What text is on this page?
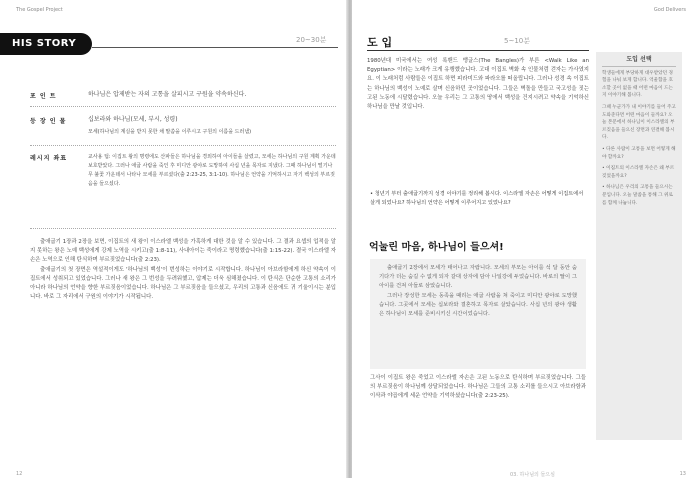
The Gospel Project
HIS STORY	20~30분
포 인 트	하나님은 압제받는 자의 고통을 살피시고 구원을 약속하신다.
등 장 인 물	십보라와 하나님(모세, 부시, 성령)
모세(하나님의 계실을 받지 못한 채 말씀을 이루시고 구원의 이름을 드러냄)
레시지 좌표	교사용 팁: 이집트 왕의 명령에도 산파들은 하나님을 경외하여 아이들을 살렸고, 모세는 하나님의 구원 계획 가운데 보호받았다. 그러나 애굽 사람을 죽인 후 미디안 광야로 도망하여 사십 년을 목자로 지냈다. 그때 하나님이 떨기나무 불꽃 가운데서 나타나 모세를 부르셨다(출 2:23-25, 3:1-10). 하나님은 언약을 기억하시고 자기 백성의 부르짖음을 들으셨다.

출애굽기 1장과 2장을 보면, 이집트의 새 왕이 이스라엘 백성을 가혹하게 대한 것을 알 수 있습니다. 그 결과 요셉의 업적을 알지 못하는 왕은 노예 백성에게 강제 노역을 시키고(출 1:8-11), 사내아이는 죽이라고 명령했습니다(출 1:15-22). 결국 이스라엘 자손은 노역으로 인해 탄식하며 부르짖었습니다(출 2:23).

출애굽기의 첫 장면은 역설적이게도 '하나님의 백성'이 번성하는 이야기로 시작합니다. 하나님이 아브라함에게 하신 약속이 이집트에서 성취되고 있었습니다. 그러나 새 왕은 그 번성을 두려워했고, 압제는 더욱 심해졌습니다. 이 탄식은 단순한 고통의 소리가 아니라 하나님의 언약을 향한 부르짖음이었습니다. 하나님은 그 부르짖음을 들으셨고, 우리의 고통과 신음에도 귀 기울이시는 분입니다. 바로 그 자리에서 구원의 이야기가 시작됩니다.

12
God Delivers
도 입	5~10분

1980년대 미국에서는 여성 록밴드 뱅글스(The Bangles)가 부른 <Walk Like an Egyptian> 이라는 노래가 크게 유행했습니다. 고대 이집트 벽화 속 인물처럼 걷자는 가사였지요. 이 노래처럼 사람들은 이집트 하면 피라미드와 파라오를 떠올립니다. 그러나 성경 속 이집트는 하나님의 백성이 노예로 살며 신음하던 곳이었습니다. 그들은 벽돌을 만들고 국고성을 짓는 고된 노동에 시달렸습니다. 오늘 우리는 그 고통의 땅에서 백성을 건지시려고 약속을 기억하신 하나님을 만날 것입니다.

• 청년기 부터 출애굽기까지 성경 이야기를 정리해 봅시다. 이스라엘 자손은 어떻게 이집트에서 살게 되었나요? 하나님의 언약은 어떻게 이루어지고 있었나요?
억눌린 마음, 하나님이 들으셔!

출애굽기 2장에서 모세가 태어나고 자랍니다. 모세의 부모는 아이를 석 달 동안 숨기다가 더는 숨길 수 없게 되자 갈대 상자에 담아 나일강에 두었습니다. 바로의 딸이 그 아이를 건져 아들로 삼았습니다.

그러나 장성한 모세는 동족을 때리는 애굽 사람을 쳐 죽이고 미디안 광야로 도망했습니다. 그곳에서 모세는 십보라와 결혼하고 목자로 살았습니다. 사십 년의 광야 생활은 하나님이 모세를 준비시키신 시간이었습니다.

그사이 이집트 왕은 죽었고 이스라엘 자손은 고된 노동으로 탄식하며 부르짖었습니다. 그들의 부르짖음이 하나님께 상달되었습니다. 하나님은 그들의 고통 소리를 들으시고 아브라함과 이삭과 야곱에게 세운 언약을 기억하셨습니다(출 2:23-25).

도입 선택
학생들에게 부당하게 대우받았던 경험을 나눠 보게 합니다. 억울함을 호소할 곳이 없을 때 어떤 마음이 드는지 이야기해 봅니다.
그때 누군가가 내 이야기를 들어 주고 도와준다면 어떤 마음이 들까요? 오늘 본문에서 하나님이 이스라엘의 부르짖음을 들으신 장면과 연결해 봅시다.
• 다른 사람이 고통을 보면 어떻게 해야 할까요?
• 이집트의 이스라엘 자손은 왜 부르짖었을까요?
• 하나님은 우리의 고통을 들으시는 분입니다. 오늘 말씀을 통해 그 위로를 함께 나눕니다.
03. 하나님의 들으심	13
